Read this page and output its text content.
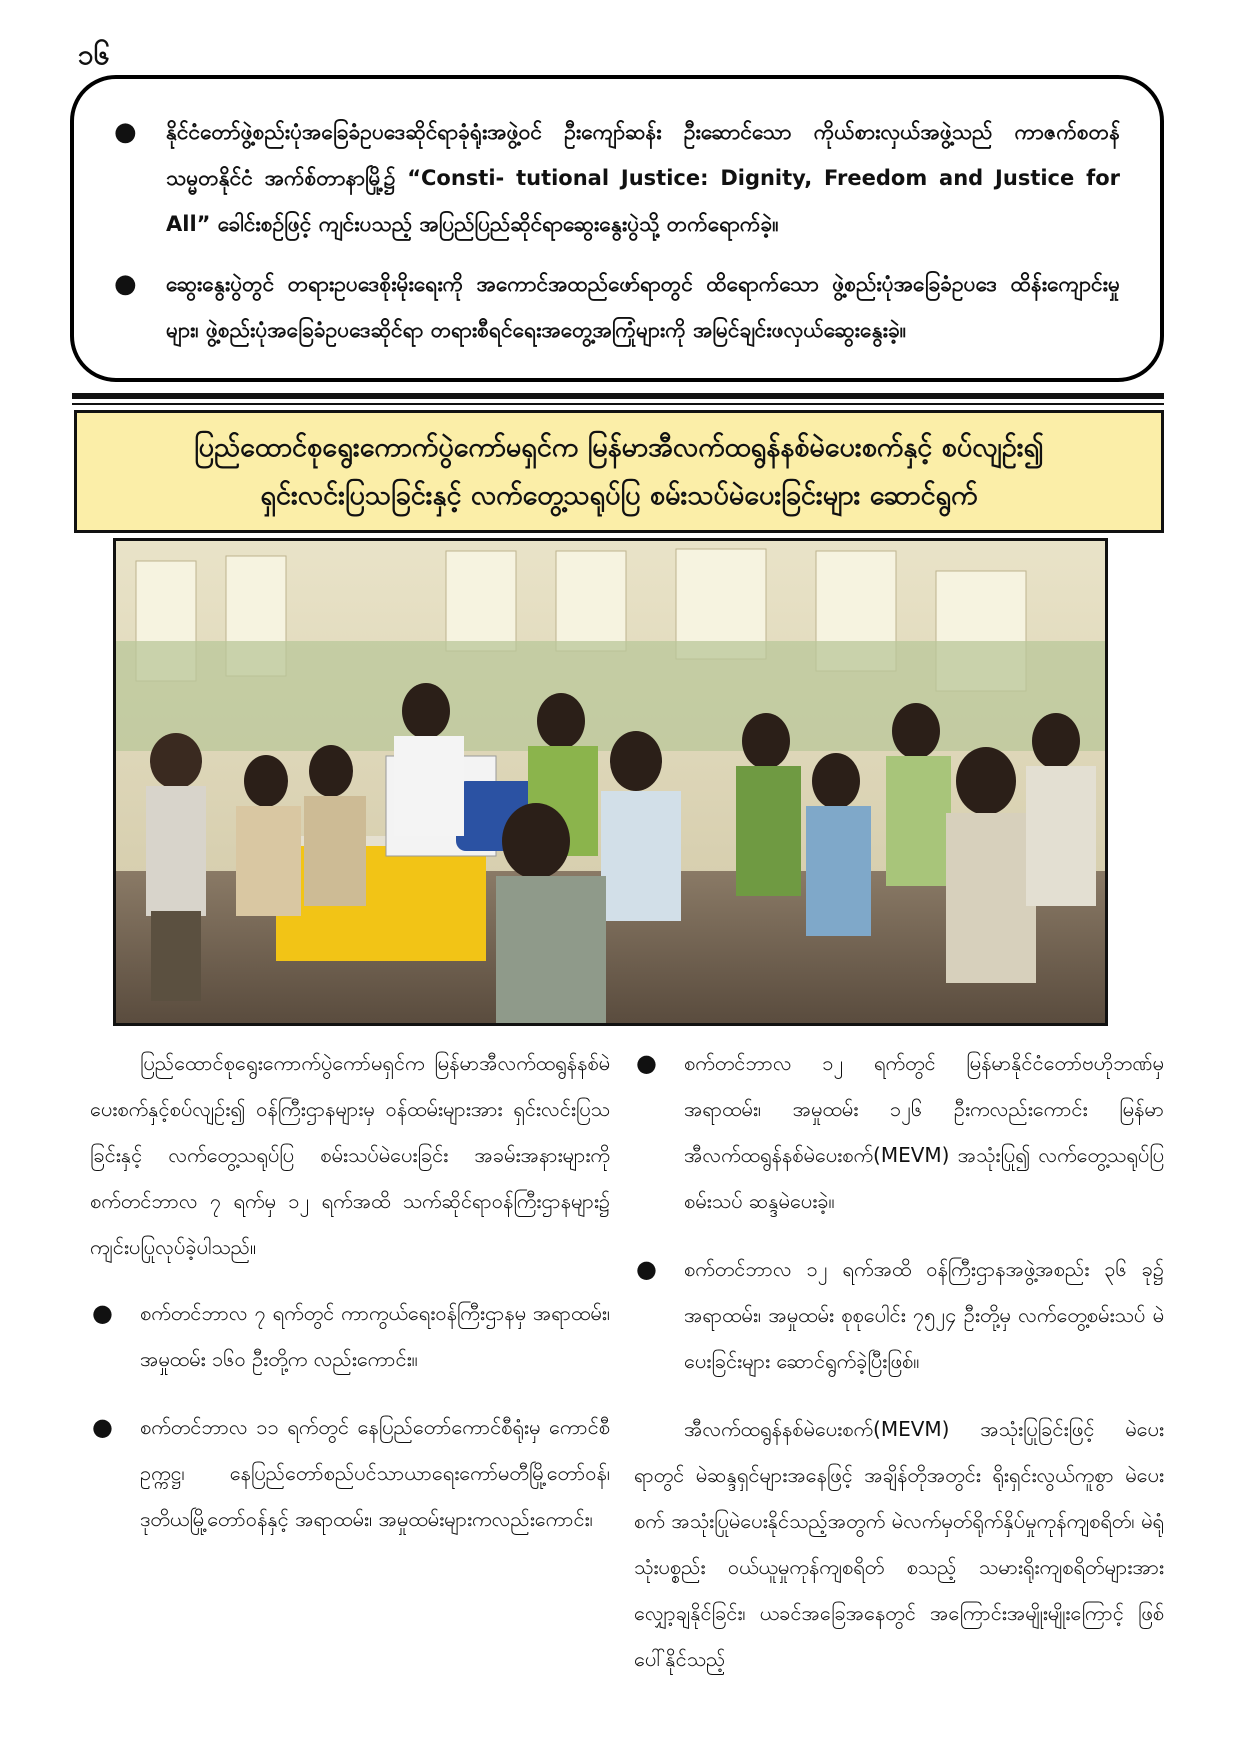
၁၆
● နိုင်ငံတော်ဖွဲ့စည်းပုံအခြေခံဥပဒေဆိုင်ရာခုံရုံးအဖွဲ့ဝင် ဦးကျော်ဆန်း ဦးဆောင်သော ကိုယ်စားလှယ်အဖွဲ့သည် ကာဇက်စတန်သမ္မတနိုင်ငံ အက်စ်တာနာမြို့၌ “Consti- tutional Justice: Dignity, Freedom and Justice for All” ခေါင်းစဉ်ဖြင့် ကျင်းပသည့် အပြည်ပြည်ဆိုင်ရာဆွေးနွေးပွဲသို့ တက်ရောက်ခဲ့။
● ဆွေးနွေးပွဲတွင် တရားဥပဒေစိုးမိုးရေးကို အကောင်အထည်ဖော်ရာတွင် ထိရောက်သော ဖွဲ့စည်းပုံအခြေခံဥပဒေ ထိန်းကျောင်းမှုများ၊ ဖွဲ့စည်းပုံအခြေခံဥပဒေဆိုင်ရာ တရားစီရင်ရေးအတွေ့အကြုံများကို အမြင်ချင်းဖလှယ်ဆွေးနွေးခဲ့။
ပြည်ထောင်စုရွေးကောက်ပွဲကော်မရှင်က မြန်မာအီလက်ထရွန်နစ်မဲပေးစက်နှင့် စပ်လျဉ်း၍
ရှင်းလင်းပြသခြင်းနှင့် လက်တွေ့သရုပ်ပြ စမ်းသပ်မဲပေးခြင်းများ ဆောင်ရွက်

ပြည်ထောင်စုရွေးကောက်ပွဲကော်မရှင်က မြန်မာအီလက်ထရွန်နစ်မဲပေးစက်နှင့်စပ်လျဉ်း၍ ဝန်ကြီးဌာနများမှ ဝန်ထမ်းများအား ရှင်းလင်းပြသခြင်းနှင့် လက်တွေ့သရုပ်ပြ စမ်းသပ်မဲပေးခြင်း အခမ်းအနားများကို စက်တင်ဘာလ ၇ ရက်မှ ၁၂ ရက်အထိ သက်ဆိုင်ရာဝန်ကြီးဌာနများ၌ ကျင်းပပြုလုပ်ခဲ့ပါသည်။

● စက်တင်ဘာလ ၇ ရက်တွင် ကာကွယ်ရေးဝန်ကြီးဌာနမှ အရာထမ်း၊ အမှုထမ်း ၁၆၀ ဦးတို့က လည်းကောင်း။
● စက်တင်ဘာလ ၁၁ ရက်တွင် နေပြည်တော်ကောင်စီရုံးမှ ကောင်စီဥက္ကဋ္ဌ၊ နေပြည်တော်စည်ပင်သာယာရေးကော်မတီမြို့တော်ဝန်၊ ဒုတိယမြို့တော်ဝန်နှင့် အရာထမ်း၊ အမှုထမ်းများကလည်းကောင်း၊
● စက်တင်ဘာလ ၁၂ ရက်တွင် မြန်မာနိုင်ငံတော်ဗဟိုဘဏ်မှ အရာထမ်း၊ အမှုထမ်း ၁၂၆ ဦးကလည်းကောင်း မြန်မာအီလက်ထရွန်နစ်မဲပေးစက်(MEVM) အသုံးပြု၍ လက်တွေ့သရုပ်ပြစမ်းသပ် ဆန္ဒမဲပေးခဲ့။
● စက်တင်ဘာလ ၁၂ ရက်အထိ ဝန်ကြီးဌာနအဖွဲ့အစည်း ၃၆ ခု၌ အရာထမ်း၊ အမှုထမ်း စုစုပေါင်း ၇၅၂၄ ဦးတို့မှ လက်တွေ့စမ်းသပ် မဲပေးခြင်းများ ဆောင်ရွက်ခဲ့ပြီးဖြစ်။

အီလက်ထရွန်နစ်မဲပေးစက်(MEVM) အသုံးပြုခြင်းဖြင့် မဲပေးရာတွင် မဲဆန္ဒရှင်များအနေဖြင့် အချိန်တိုအတွင်း ရိုးရှင်းလွယ်ကူစွာ မဲပေးစက် အသုံးပြုမဲပေးနိုင်သည့်အတွက် မဲလက်မှတ်ရိုက်နှိပ်မှုကုန်ကျစရိတ်၊ မဲရုံသုံးပစ္စည်း ဝယ်ယူမှုကုန်ကျစရိတ် စသည့် သမားရိုးကျစရိတ်များအား လျှော့ချနိုင်ခြင်း၊ ယခင်အခြေအနေတွင် အကြောင်းအမျိုးမျိုးကြောင့် ဖြစ်ပေါ်နိုင်သည့်
